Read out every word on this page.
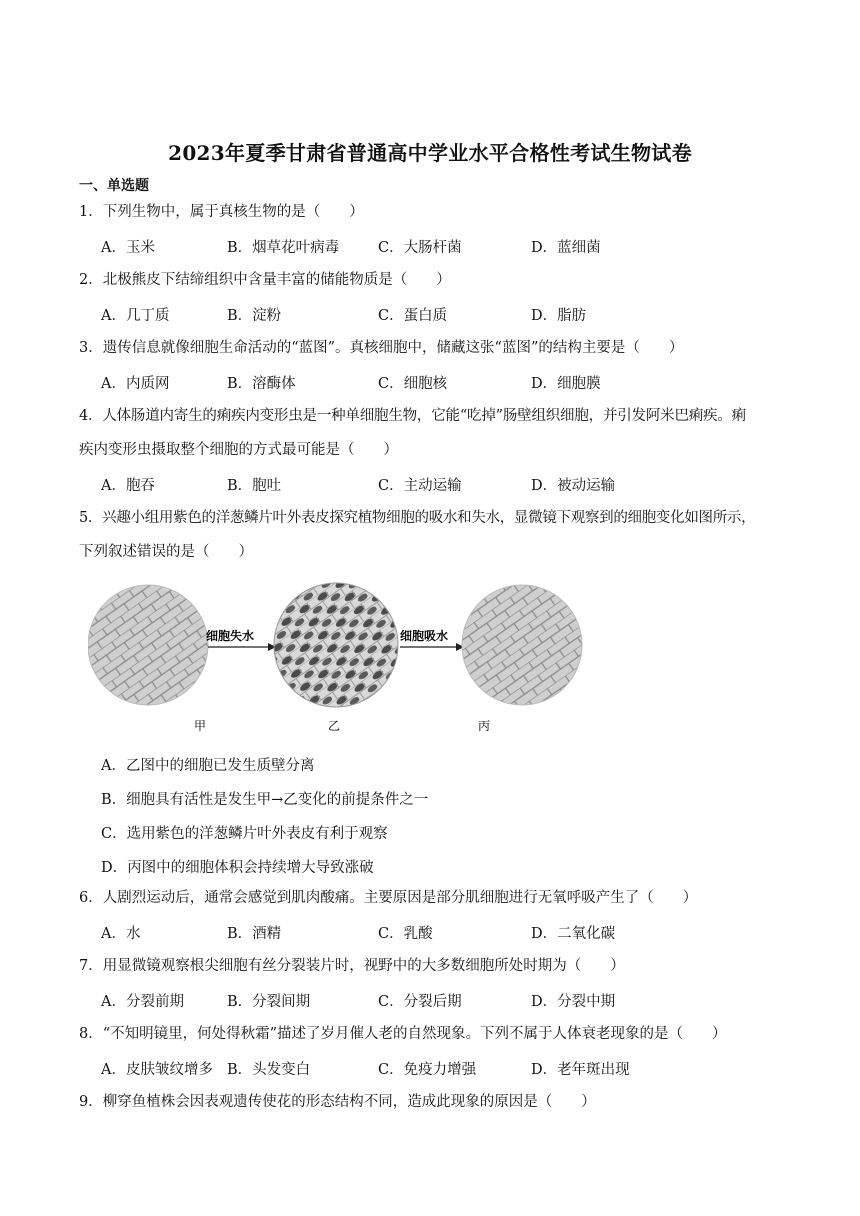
2023年夏季甘肃省普通高中学业水平合格性考试生物试卷
一、单选题
1．下列生物中，属于真核生物的是（　　）
A．玉米	B．烟草花叶病毒	C．大肠杆菌	D．蓝细菌
2．北极熊皮下结缔组织中含量丰富的储能物质是（　　）
A．几丁质	B．淀粉	C．蛋白质	D．脂肪
3．遗传信息就像细胞生命活动的“蓝图”。真核细胞中，储藏这张“蓝图”的结构主要是（　　）
A．内质网	B．溶酶体	C．细胞核	D．细胞膜
4．人体肠道内寄生的痢疾内变形虫是一种单细胞生物，它能“吃掉”肠壁组织细胞，并引发阿米巴痢疾。痢
疾内变形虫摄取整个细胞的方式最可能是（　　）
A．胞吞	B．胞吐	C．主动运输	D．被动运输
5．兴趣小组用紫色的洋葱鳞片叶外表皮探究植物细胞的吸水和失水，显微镜下观察到的细胞变化如图所示，
下列叙述错误的是（　　）
细胞失水	细胞吸水
甲	乙	丙
A．乙图中的细胞已发生质壁分离
B．细胞具有活性是发生甲→乙变化的前提条件之一
C．选用紫色的洋葱鳞片叶外表皮有利于观察
D．丙图中的细胞体积会持续增大导致涨破
6．人剧烈运动后，通常会感觉到肌肉酸痛。主要原因是部分肌细胞进行无氧呼吸产生了（　　）
A．水	B．酒精	C．乳酸	D．二氧化碳
7．用显微镜观察根尖细胞有丝分裂装片时，视野中的大多数细胞所处时期为（　　）
A．分裂前期	B．分裂间期	C．分裂后期	D．分裂中期
8．“不知明镜里，何处得秋霜”描述了岁月催人老的自然现象。下列不属于人体衰老现象的是（　　）
A．皮肤皱纹增多 B．头发变白	C．免疫力增强	D．老年斑出现
9．柳穿鱼植株会因表观遗传使花的形态结构不同，造成此现象的原因是（　　）
